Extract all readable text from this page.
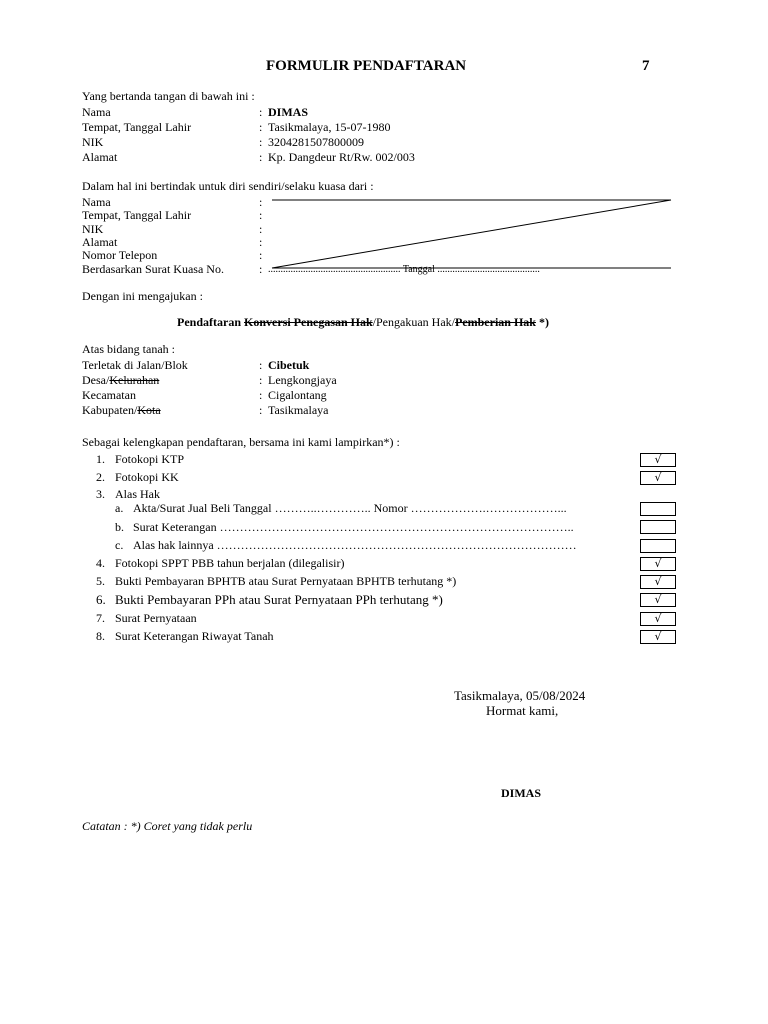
FORMULIR PENDAFTARAN	7
Yang bertanda tangan di bawah ini :
Nama	: DIMAS
Tempat, Tanggal Lahir	: Tasikmalaya, 15-07-1980
NIK	: 3204281507800009
Alamat	: Kp. Dangdeur Rt/Rw. 002/003
Dalam hal ini bertindak untuk diri sendiri/selaku kuasa dari :
Nama	:
Tempat, Tanggal Lahir	:
NIK	:
Alamat	:
Nomor Telepon	:
Berdasarkan Surat Kuasa No.	: ..................................................... Tanggal .........................................
Dengan ini mengajukan :
Pendaftaran Konversi Penegasan Hak/Pengakuan Hak/Pemberian Hak *)
Atas bidang tanah :
Terletak di Jalan/Blok	: Cibetuk
Desa/Kelurahan	: Lengkongjaya
Kecamatan	: Cigalontang
Kabupaten/Kota	: Tasikmalaya
Sebagai kelengkapan pendaftaran, bersama ini kami lampirkan*) :
1. Fotokopi KTP	√
2. Fotokopi KK	√
3. Alas Hak
a. Akta/Surat Jual Beli Tanggal ………..………….. Nomor ……………….………………...
b. Surat Keterangan ……………………………………………………………………………..
c. Alas hak lainnya ………………………………………………………………………………
4. Fotokopi SPPT PBB tahun berjalan (dilegalisir)	√
5. Bukti Pembayaran BPHTB atau Surat Pernyataan BPHTB terhutang *)	√
6. Bukti Pembayaran PPh atau Surat Pernyataan PPh terhutang *)	√
7. Surat Pernyataan	√
8. Surat Keterangan Riwayat Tanah	√
Tasikmalaya, 05/08/2024
Hormat kami,
DIMAS
Catatan : *) Coret yang tidak perlu
